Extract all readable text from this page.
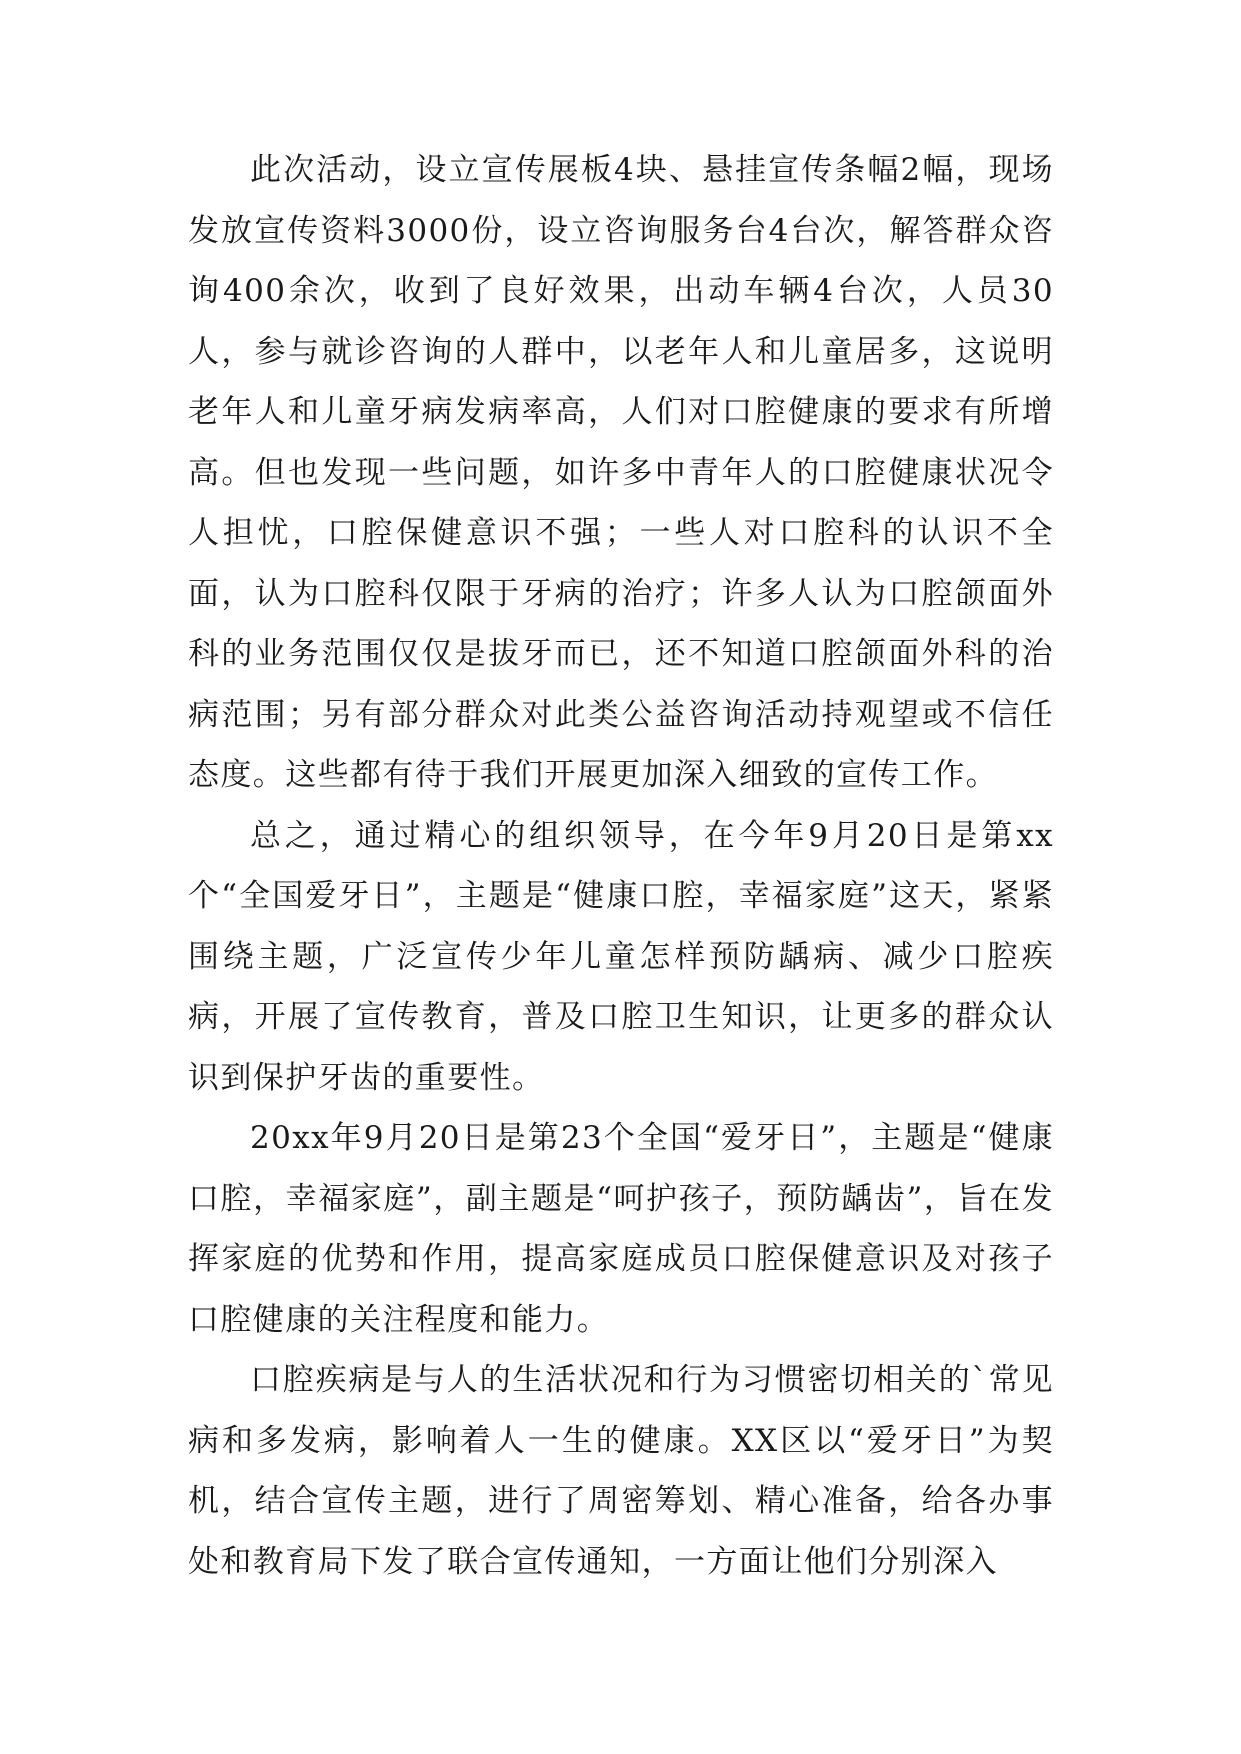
此次活动，设立宣传展板4块、悬挂宣传条幅2幅，现场发放宣传资料3000份，设立咨询服务台4台次，解答群众咨询400余次，收到了良好效果，出动车辆4台次，人员30人，参与就诊咨询的人群中，以老年人和儿童居多，这说明老年人和儿童牙病发病率高，人们对口腔健康的要求有所增高。但也发现一些问题，如许多中青年人的口腔健康状况令人担忧，口腔保健意识不强；一些人对口腔科的认识不全面，认为口腔科仅限于牙病的治疗；许多人认为口腔颌面外科的业务范围仅仅是拔牙而已，还不知道口腔颌面外科的治病范围；另有部分群众对此类公益咨询活动持观望或不信任态度。这些都有待于我们开展更加深入细致的宣传工作。

总之，通过精心的组织领导，在今年9月20日是第xx个“全国爱牙日”，主题是“健康口腔，幸福家庭”这天，紧紧围绕主题，广泛宣传少年儿童怎样预防龋病、减少口腔疾病，开展了宣传教育，普及口腔卫生知识，让更多的群众认识到保护牙齿的重要性。

20xx年9月20日是第23个全国“爱牙日”，主题是“健康口腔，幸福家庭”，副主题是“呵护孩子，预防龋齿”，旨在发挥家庭的优势和作用，提高家庭成员口腔保健意识及对孩子口腔健康的关注程度和能力。

口腔疾病是与人的生活状况和行为习惯密切相关的`常见病和多发病，影响着人一生的健康。XX区以“爱牙日”为契机，结合宣传主题，进行了周密筹划、精心准备，给各办事处和教育局下发了联合宣传通知，一方面让他们分别深入
